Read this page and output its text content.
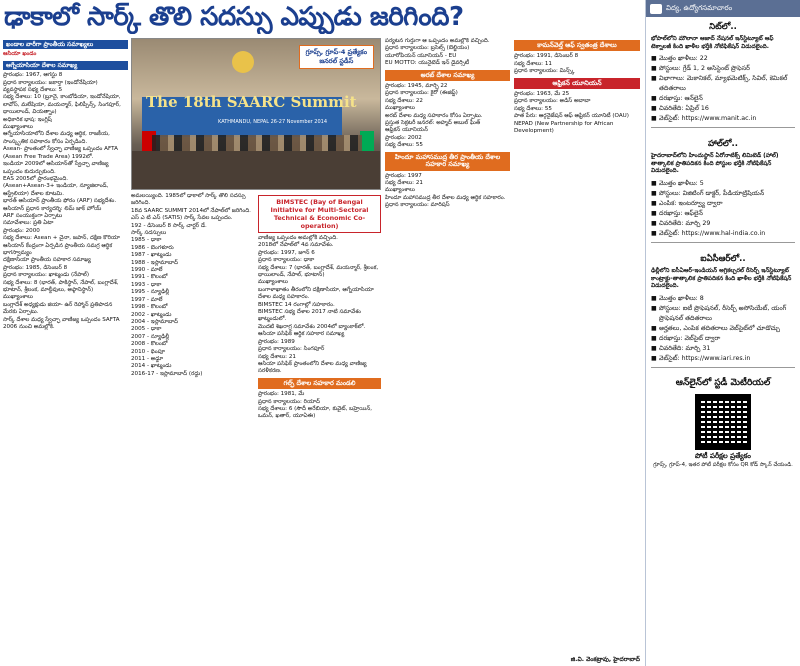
ఢాకాలో సార్క్ తొలి సదస్సు ఎప్పుడు జరిగింది?
ఖండాల వారీగా ప్రాంతీయ సమాఖ్యలు
ఆసియా ఖండం
ఆగ్నేయాసియా దేశాల సమాఖ్య
ప్రారంభం: 1967, ఆగస్టు 8
ప్రధాన కార్యాలయం: జకార్తా (ఇండోనేషియా)
వ్యవస్థాపక సభ్య దేశాలు: 5
సభ్య దేశాలు: 10 (బ్రూనై, కాంబోడియా, ఇండోనేషియా, లావోస్, మలేషియా, మయన్మార్, ఫిలిప్పీన్స్, సింగపూర్, థాయిలాండ్, వియత్నాం)
అధికారిక భాష: ఇంగ్లిష్
ముఖ్యాంశాలు
ఆగ్నేయాసియాలోని దేశాల మధ్య ఆర్థిక, రాజకీయ, సాంస్కృతిక సహకారం కోసం ఏర్పడింది.
Asean- ప్రాంతంలో స్వేచ్ఛా వాణిజ్య ఒప్పందం AFTA (Asean Free Trade Area) 1992లో.
ఇండియా 2009లో ఆసియాన్‌తో స్వేచ్ఛా వాణిజ్య ఒప్పందం కుదుర్చుకుంది.
EAS 2005లో ప్రారంభమైంది.
(Asean+Asean-3+ ఇండియా, న్యూజిలాండ్, ఆస్ట్రేలియా) దేశాల కూటమి.
భారత్ ఆసియాన్ ప్రాంతీయ ఫోరం (ARF) సభ్యదేశం.
ఆసియాన్ ప్రధాన కార్యదర్శి: లిమ్ జాక్ హోయ్
ARF సంయుక్తంగా ఏర్పాటు
సమావేశాలు: ప్రతి ఏటా
ప్రారంభం: 2000
సభ్య దేశాలు: Asean + చైనా, జపాన్, దక్షిణ కొరియా
ఆసియాన్ కేంద్రంగా ఏర్పడిన ప్రాంతీయ సమగ్ర ఆర్థిక భాగస్వామ్యం
దక్షిణాసియా ప్రాంతీయ సహకార సమాఖ్య
ప్రారంభం: 1985, డిసెంబర్ 8
ప్రధాన కార్యాలయం: ఖాట్మండు (నేపాల్)
సభ్య దేశాలు: 8 (భారత్, పాకిస్థాన్, నేపాల్, బంగ్లాదేశ్, భూటాన్, శ్రీలంక, మాల్దీవులు, అఫ్గానిస్థాన్)
ముఖ్యాంశాలు
బంగ్లాదేశ్ అధ్యక్షుడు జియా- ఉర్ రెహ్మాన్ ప్రతిపాదన మేరకు ఏర్పాటు.
సార్క్ దేశాల మధ్య స్వేచ్ఛా వాణిజ్య ఒప్పందం SAFTA 2006 నుంచి అమల్లోకి.
The 18th SAARC Summit
KATHMANDU, NEPAL 26-27 November 2014
గ్రూప్స్, గ్రూప్-4 ప్రత్యేకం
జనరల్ స్టడీస్
అమలయ్యింది. 1985లో ఢాకాలో సార్క్ తొలి సదస్సు జరిగింది.
18వ SAARC SUMMIT 2014లో నేపాల్‌లో జరిగింది.
ఎస్ ఎ టి ఎస్ (SATIS) సార్క్ సేవల ఒప్పందం.
192 - డిసెంబర్ 8 సార్క్ చార్టర్ డే.
సార్క్ సదస్సులు
1985 - ఢాకా
1986 - బెంగళూరు
1987 - ఖాట్మండు
1988 - ఇస్లామాబాద్
1990 - మాలే
1991 - కొలంబో
1993 - ఢాకా
1995 - న్యూఢిల్లీ
1997 - మాలే
1998 - కొలంబో
2002 - ఖాట్మండు
2004 - ఇస్లామాబాద్
2005 - ఢాకా
2007 - న్యూఢిల్లీ
2008 - కొలంబో
2010 - థింపూ
2011 - అడ్డూ
2014 - ఖాట్మండు
2016-17 - ఇస్లామాబాద్ (రద్దు)
BIMSTEC (Bay of Bengal Initiative for Multi-Sectoral Technical & Economic Co-operation)
వాణిజ్య ఒప్పందం అమల్లోకి వచ్చింది.
2018లో నేపాల్‌లో 4వ సమావేశం.
ప్రారంభం: 1997, జూన్ 6
ప్రధాన కార్యాలయం: ఢాకా
సభ్య దేశాలు: 7 (భారత్, బంగ్లాదేశ్, మయన్మార్, శ్రీలంక, థాయిలాండ్, నేపాల్, భూటాన్)
ముఖ్యాంశాలు
బంగాళాఖాతం తీరంలోని దక్షిణాసియా, ఆగ్నేయాసియా దేశాల మధ్య సహకారం.
BIMSTEC 14 రంగాల్లో సహకారం.
BIMSTEC సభ్య దేశాల 2017 నాటి సమావేశం ఖాట్మండులో.
మొదటి శిఖరాగ్ర సమావేశం 2004లో బ్యాంకాక్‌లో.
ఆసియా పసిఫిక్ ఆర్థిక సహకార సమాఖ్య
ప్రారంభం: 1989
ప్రధాన కార్యాలయం: సింగపూర్
సభ్య దేశాలు: 21
ఆసియా పసిఫిక్ ప్రాంతంలోని దేశాల మధ్య వాణిజ్య సరళీకరణ.
గల్ఫ్ దేశాల సహకార మండలి
ప్రారంభం: 1981, మే
ప్రధాన కార్యాలయం: రియాద్
సభ్య దేశాలు: 6 (సౌదీ అరేబియా, కువైట్, బహ్రెయిన్, ఒమన్, ఖతార్, యూఏఈ)
పర్యటన గుర్తుగా ఆ ఒప్పందం అమల్లోకి వచ్చింది.
ప్రధాన కార్యాలయం: బ్రసెల్స్ (బెల్జియం)
యూరోపియన్ యూనియన్ - EU
EU MOTTO: యునైటెడ్ ఇన్ డైవర్సిటీ
అరబ్ దేశాల సమాఖ్య
ప్రారంభం: 1945, మార్చి 22
ప్రధాన కార్యాలయం: కైరో (ఈజిప్ట్)
సభ్య దేశాలు: 22
ముఖ్యాంశాలు
అరబ్ దేశాల మధ్య సహకారం కోసం ఏర్పాటు.
ప్రస్తుత సెక్రటరీ జనరల్: అహ్మద్ అబుల్ ఘీత్
ఆఫ్రికన్ యూనియన్
ప్రారంభం: 2002
సభ్య దేశాలు: 55
హిందూ మహాసముద్ర తీర ప్రాంతీయ దేశాల సహకార సమాఖ్య
ప్రారంభం: 1997
సభ్య దేశాలు: 21
ముఖ్యాంశాలు
హిందూ మహాసముద్ర తీర దేశాల మధ్య ఆర్థిక సహకారం.
ప్రధాన కార్యాలయం: మారిషస్
కామన్‌వెల్త్ ఆఫ్ స్వతంత్ర దేశాలు
ప్రారంభం: 1991, డిసెంబర్ 8
సభ్య దేశాలు: 11
ప్రధాన కార్యాలయం: మిన్స్క్
ఆఫ్రికన్ యూనియన్
ప్రారంభం: 1963, మే 25
ప్రధాన కార్యాలయం: అడిస్ అబాబా
సభ్య దేశాలు: 55
పాత పేరు: ఆర్గనైజేషన్ ఆఫ్ ఆఫ్రికన్ యూనిటీ (OAU)
NEPAD (New Partnership for African Development)
జి.వి. వెంకట్రావు, హైదరాబాద్
విద్య, ఉద్యోగసమాచారం
నిట్‌లో..
భోపాల్‌లోని మౌలానా ఆజాద్ నేషనల్ ఇన్‌స్టిట్యూట్ ఆఫ్ టెక్నాలజీ కింది ఖాళీల భర్తీకి నోటిఫికేషన్ విడుదలైంది.
■ మొత్తం ఖాళీలు: 22
■ పోస్టులు: గ్రేడ్ 1, 2 అసిస్టెంట్ ప్రొఫెసర్
■ విభాగాలు: మెకానికల్, మ్యాథమెటిక్స్, సివిల్, కెమికల్ తదితరాలు
■ దరఖాస్తు: ఆన్‌లైన్
■ చివరితేది: ఏప్రిల్ 16
■ వెబ్‌సైట్: https://www.manit.ac.in
హాల్‌లో..
హైదరాబాద్‌లోని హిందుస్థాన్ ఏరోనాటిక్స్ లిమిటెడ్ (హాల్) తాత్కాలిక ప్రాతిపదికన కింది పోస్టుల భర్తీకి నోటిఫికేషన్ విడుదలైంది.
■ మొత్తం ఖాళీలు: 5
■ పోస్టులు: విజిటింగ్ డాక్టర్, పీడియాట్రిషియన్
■ ఎంపిక: ఇంటర్వ్యూ ద్వారా
■ దరఖాస్తు: ఆఫ్‌లైన్
■ చివరితేది: మార్చి 29
■ వెబ్‌సైట్: https://www.hal-india.co.in
ఐఏసీఆర్‌లో..
ఢిల్లీలోని ఐసీఏఆర్-ఇండియన్ అగ్రికల్చరల్ రీసెర్చ్ ఇన్‌స్టిట్యూట్ కాంట్రాక్టు-తాత్కాలిక ప్రాతిపదికన కింది ఖాళీల భర్తీకి నోటిఫికేషన్ విడుదలైంది.
■ మొత్తం ఖాళీలు: 8
■ పోస్టులు: ఐటీ ప్రొఫెషనల్, రీసెర్చ్ అసోసియేట్, యంగ్ ప్రొఫెషనల్ తదితరాలు
■ అర్హతలు, ఎంపిక తదితరాలు వెబ్‌సైట్‌లో చూడొచ్చు
■ దరఖాస్తు: వెబ్‌సైట్ ద్వారా
■ చివరితేది: మార్చి 31
■ వెబ్‌సైట్: https://www.iari.res.in
ఆన్‌లైన్‌లో స్టడీ మెటీరియల్
పోటీ పరీక్షల ప్రత్యేకం
గ్రూప్స్, గ్రూప్-4, ఇతర పోటీ పరీక్షల కోసం QR కోడ్ స్కాన్ చేయండి.
